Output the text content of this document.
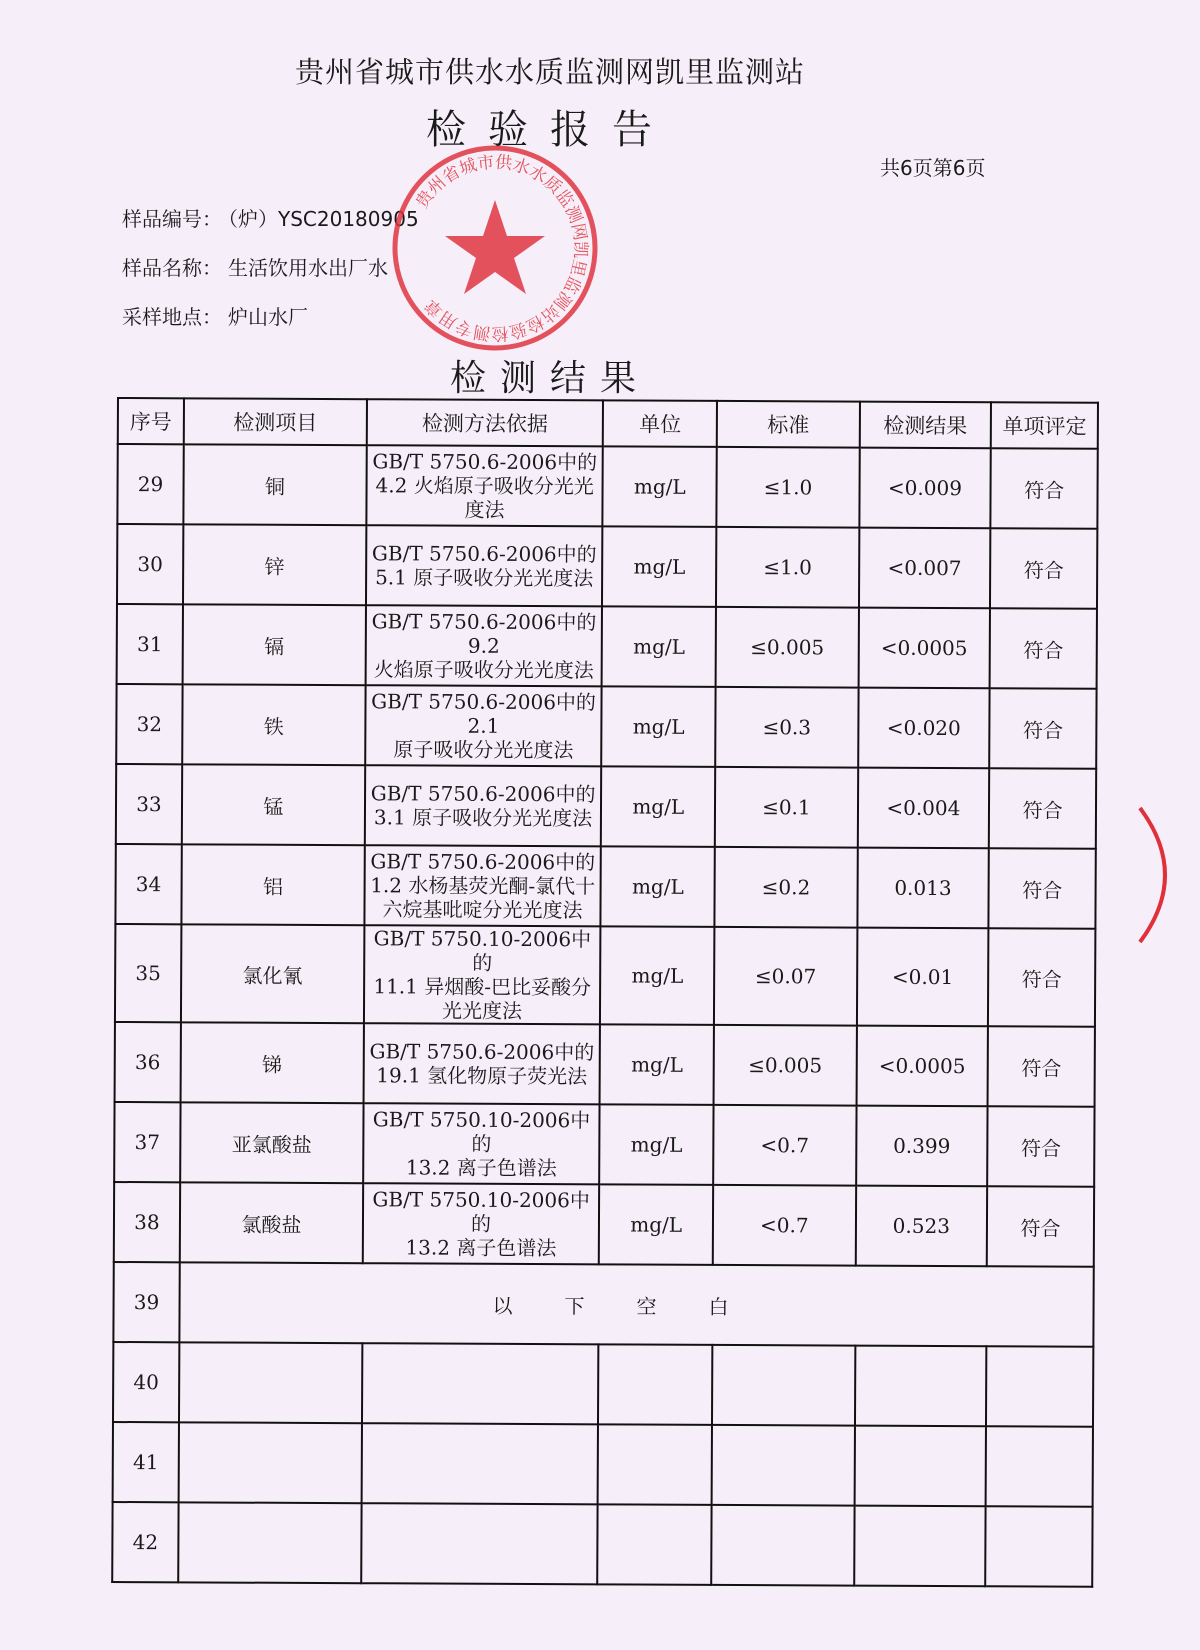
贵州省城市供水水质监测网凯里监测站
检验报告
共6页第6页
样品编号： （炉）YSC20180905
样品名称： 生活饮用水出厂水
采样地点： 炉山水厂
检测结果
序号	检测项目	检测方法依据	单位	标准	检测结果	单项评定
29	铜	GB/T 5750.6-2006中的
4.2 火焰原子吸收分光光
度法	mg/L	≤1.0	<0.009	符合
30	锌	GB/T 5750.6-2006中的
5.1 原子吸收分光光度法	mg/L	≤1.0	<0.007	符合
31	镉	GB/T 5750.6-2006中的9.2
火焰原子吸收分光光度法	mg/L	≤0.005	<0.0005	符合
32	铁	GB/T 5750.6-2006中的2.1
原子吸收分光光度法	mg/L	≤0.3	<0.020	符合
33	锰	GB/T 5750.6-2006中的
3.1 原子吸收分光光度法	mg/L	≤0.1	<0.004	符合
34	铝	GB/T 5750.6-2006中的
1.2 水杨基荧光酮-氯代十
六烷基吡啶分光光度法	mg/L	≤0.2	0.013	符合
35	氯化氰	GB/T 5750.10-2006中的
11.1 异烟酸-巴比妥酸分
光光度法	mg/L	≤0.07	<0.01	符合
36	锑	GB/T 5750.6-2006中的
19.1 氢化物原子荧光法	mg/L	≤0.005	<0.0005	符合
37	亚氯酸盐	GB/T 5750.10-2006中的
13.2 离子色谱法	mg/L	<0.7	0.399	符合
38	氯酸盐	GB/T 5750.10-2006中的
13.2 离子色谱法	mg/L	<0.7	0.523	符合
39	以下空白					
40						
41						
42						
贵州省城市供水水质监测网凯里监测站检验检测专用章
